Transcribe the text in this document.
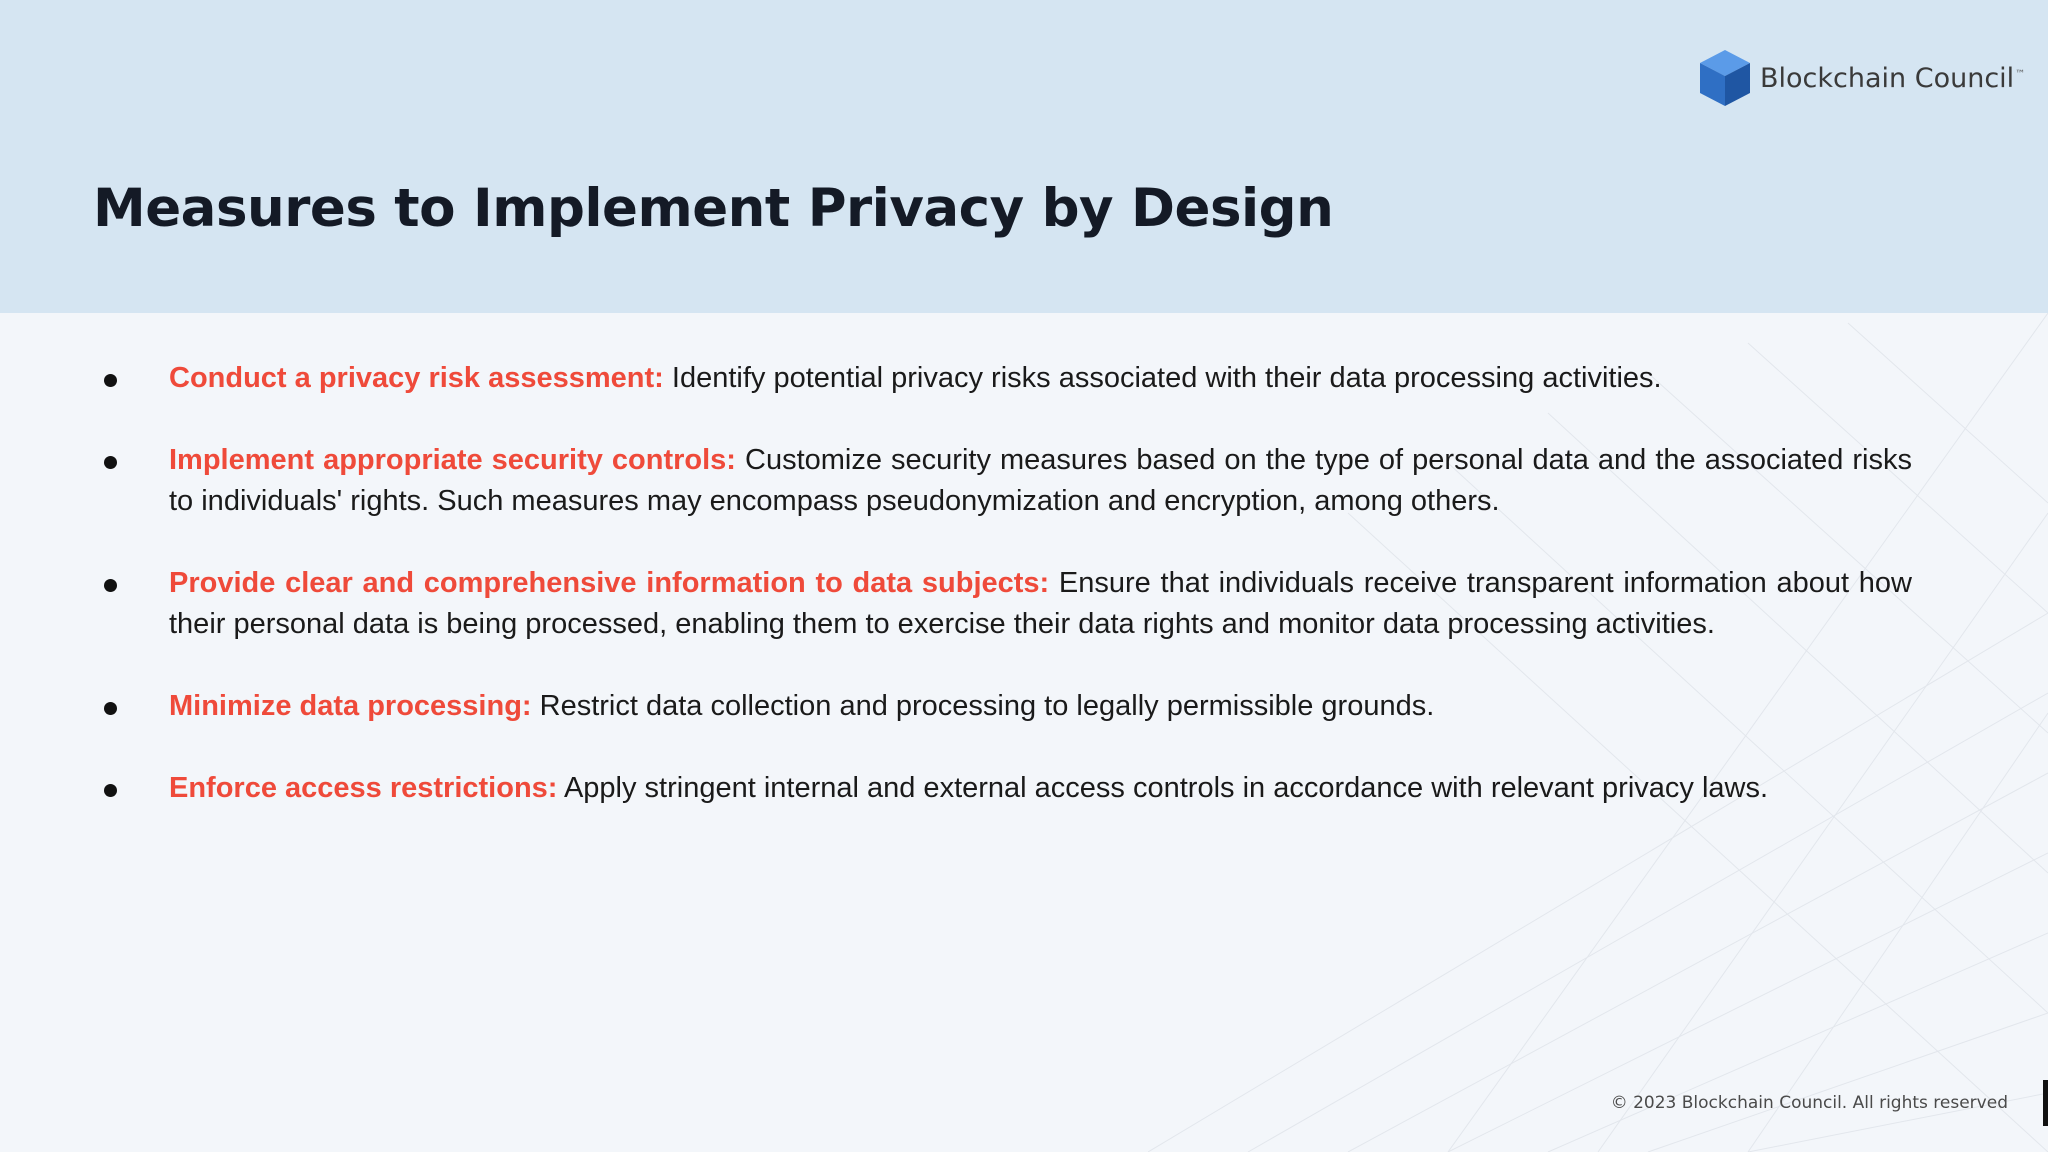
Blockchain Council™
Measures to Implement Privacy by Design
Conduct a privacy risk assessment: Identify potential privacy risks associated with their data processing activities.
Implement appropriate security controls: Customize security measures based on the type of personal data and the associated risks to individuals' rights. Such measures may encompass pseudonymization and encryption, among others.
Provide clear and comprehensive information to data subjects: Ensure that individuals receive transparent information about how their personal data is being processed, enabling them to exercise their data rights and monitor data processing activities.
Minimize data processing: Restrict data collection and processing to legally permissible grounds.
Enforce access restrictions: Apply stringent internal and external access controls in accordance with relevant privacy laws.
© 2023 Blockchain Council. All rights reserved
